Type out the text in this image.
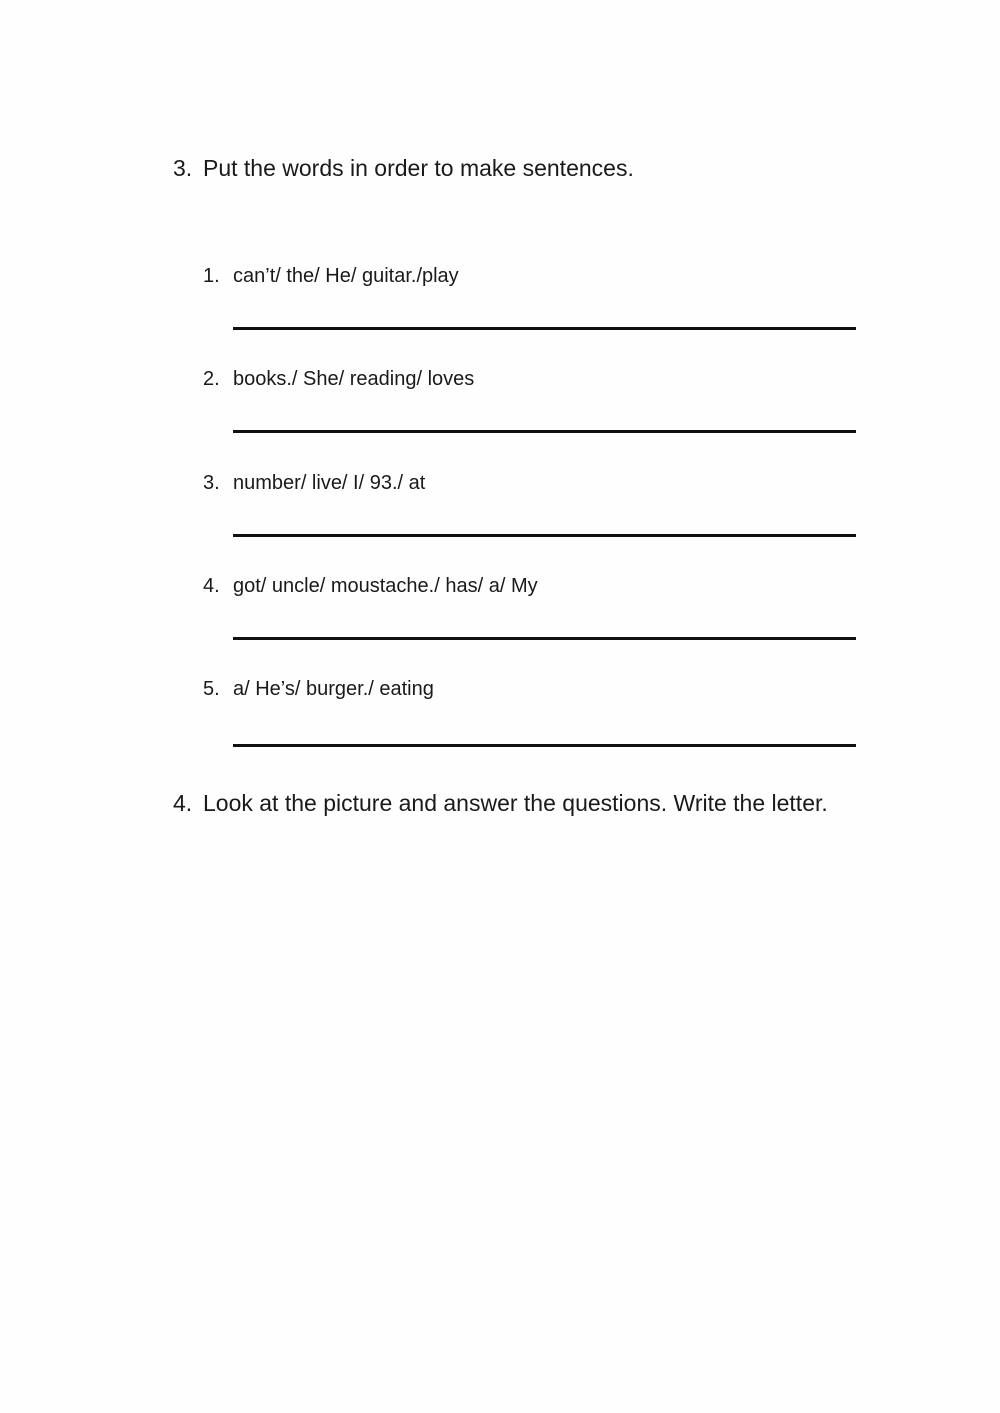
3. Put the words in order to make sentences.
1. can’t/ the/ He/ guitar./play
2. books./ She/ reading/ loves
3. number/ live/ I/ 93./ at
4. got/ uncle/ moustache./ has/ a/ My
5. a/ He’s/ burger./ eating
4. Look at the picture and answer the questions. Write the letter.
